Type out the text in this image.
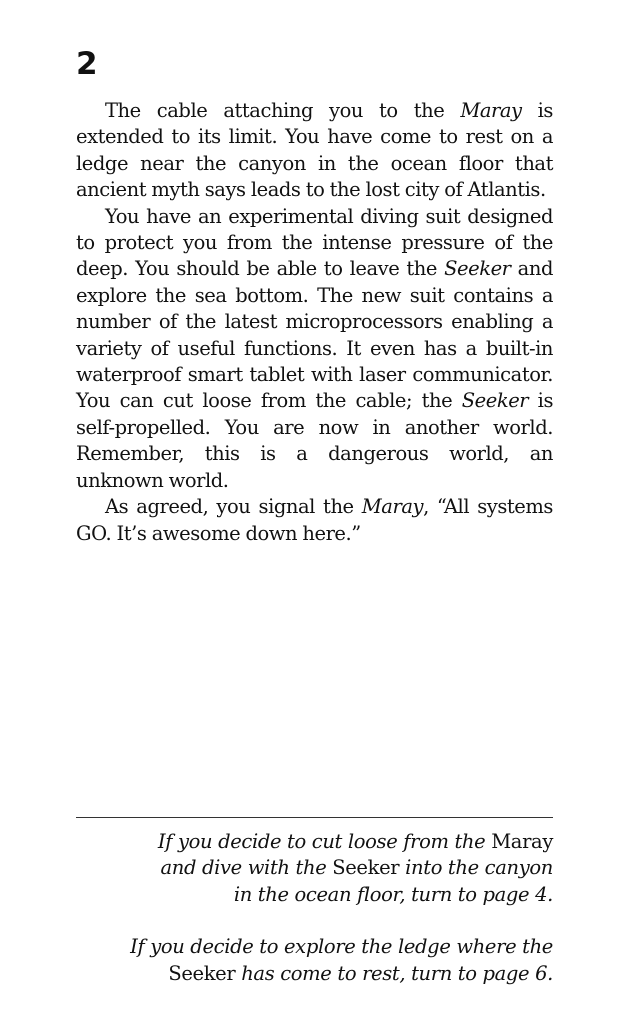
2

The cable attaching you to the Maray is extended to its limit. You have come to rest on a ledge near the canyon in the ocean floor that ancient myth says leads to the lost city of Atlantis.

You have an experimental diving suit designed to protect you from the intense pressure of the deep. You should be able to leave the Seeker and explore the sea bottom. The new suit contains a number of the latest microprocessors enabling a variety of useful functions. It even has a built-in waterproof smart tablet with laser communicator. You can cut loose from the cable; the Seeker is self-propelled. You are now in another world. Remember, this is a dangerous world, an unknown world.

As agreed, you signal the Maray, “All systems GO. It’s awesome down here.”

If you decide to cut loose from the Maray
and dive with the Seeker into the canyon
in the ocean floor, turn to page 4.
If you decide to explore the ledge where the
Seeker has come to rest, turn to page 6.
